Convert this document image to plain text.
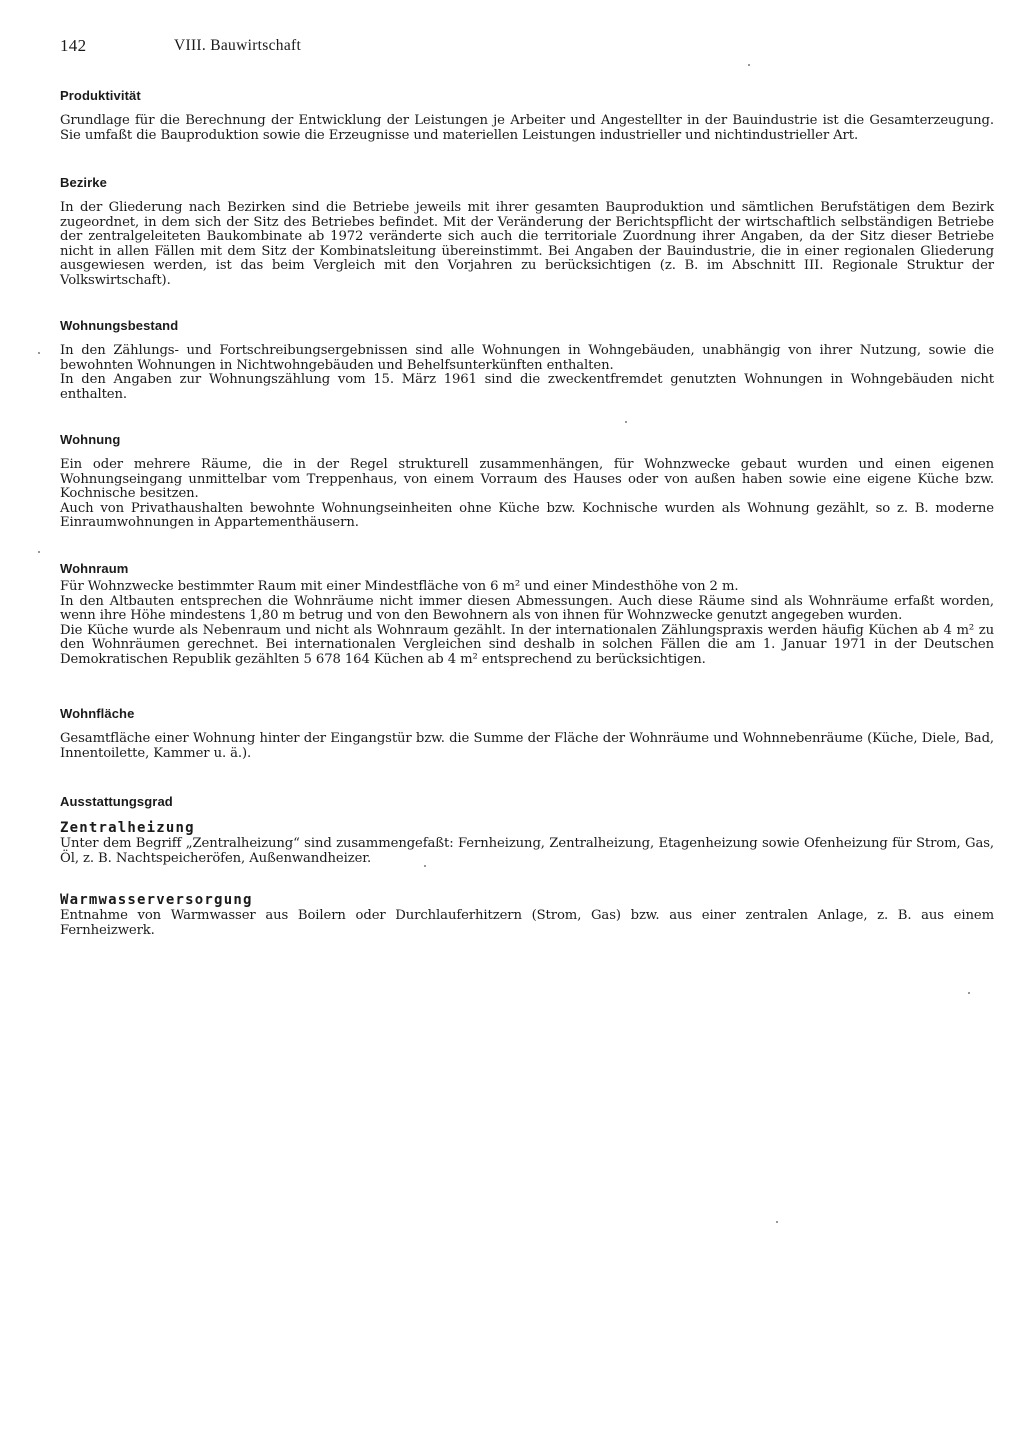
142	VIII. Bauwirtschaft
Produktivität

Grundlage für die Berechnung der Entwicklung der Leistungen je Arbeiter und Angestellter in der Bauindustrie ist die Gesamterzeugung. Sie umfaßt die Bauproduktion sowie die Erzeugnisse und materiellen Leistungen industrieller und nichtindustrieller Art.

Bezirke

In der Gliederung nach Bezirken sind die Betriebe jeweils mit ihrer gesamten Bauproduktion und sämtlichen Berufstätigen dem Bezirk zugeordnet, in dem sich der Sitz des Betriebes befindet. Mit der Veränderung der Berichtspflicht der wirtschaftlich selbständigen Betriebe der zentralgeleiteten Baukombinate ab 1972 veränderte sich auch die territoriale Zuordnung ihrer Angaben, da der Sitz dieser Betriebe nicht in allen Fällen mit dem Sitz der Kombinatsleitung übereinstimmt. Bei Angaben der Bauindustrie, die in einer regionalen Gliederung ausgewiesen werden, ist das beim Vergleich mit den Vorjahren zu berücksichtigen (z. B. im Abschnitt III. Regionale Struktur der Volkswirtschaft).

Wohnungsbestand

In den Zählungs- und Fortschreibungsergebnissen sind alle Wohnungen in Wohngebäuden, unabhängig von ihrer Nutzung, sowie die bewohnten Wohnungen in Nichtwohngebäuden und Behelfsunterkünften enthalten.

In den Angaben zur Wohnungszählung vom 15. März 1961 sind die zweckentfremdet genutzten Wohnungen in Wohngebäuden nicht enthalten.

Wohnung

Ein oder mehrere Räume, die in der Regel strukturell zusammenhängen, für Wohnzwecke gebaut wurden und einen eigenen Wohnungseingang unmittelbar vom Treppenhaus, von einem Vorraum des Hauses oder von außen haben sowie eine eigene Küche bzw. Kochnische besitzen.

Auch von Privathaushalten bewohnte Wohnungseinheiten ohne Küche bzw. Kochnische wurden als Wohnung gezählt, so z. B. moderne Einraumwohnungen in Appartementhäusern.

Wohnraum

Für Wohnzwecke bestimmter Raum mit einer Mindestfläche von 6 m² und einer Mindesthöhe von 2 m.

In den Altbauten entsprechen die Wohnräume nicht immer diesen Abmessungen. Auch diese Räume sind als Wohnräume erfaßt worden, wenn ihre Höhe mindestens 1,80 m betrug und von den Bewohnern als von ihnen für Wohnzwecke genutzt angegeben wurden.

Die Küche wurde als Nebenraum und nicht als Wohnraum gezählt. In der internationalen Zählungspraxis werden häufig Küchen ab 4 m² zu den Wohnräumen gerechnet. Bei internationalen Vergleichen sind deshalb in solchen Fällen die am 1. Januar 1971 in der Deutschen Demokratischen Republik gezählten 5 678 164 Küchen ab 4 m² entsprechend zu berücksichtigen.

Wohnfläche

Gesamtfläche einer Wohnung hinter der Eingangstür bzw. die Summe der Fläche der Wohnräume und Wohnnebenräume (Küche, Diele, Bad, Innentoilette, Kammer u. ä.).

Ausstattungsgrad
Zentralheizung

Unter dem Begriff „Zentralheizung“ sind zusammengefaßt: Fernheizung, Zentralheizung, Etagenheizung sowie Ofenheizung für Strom, Gas, Öl, z. B. Nachtspeicheröfen, Außenwandheizer.

Warmwasserversorgung

Entnahme von Warmwasser aus Boilern oder Durchlauferhitzern (Strom, Gas) bzw. aus einer zentralen Anlage, z. B. aus einem Fernheizwerk.
